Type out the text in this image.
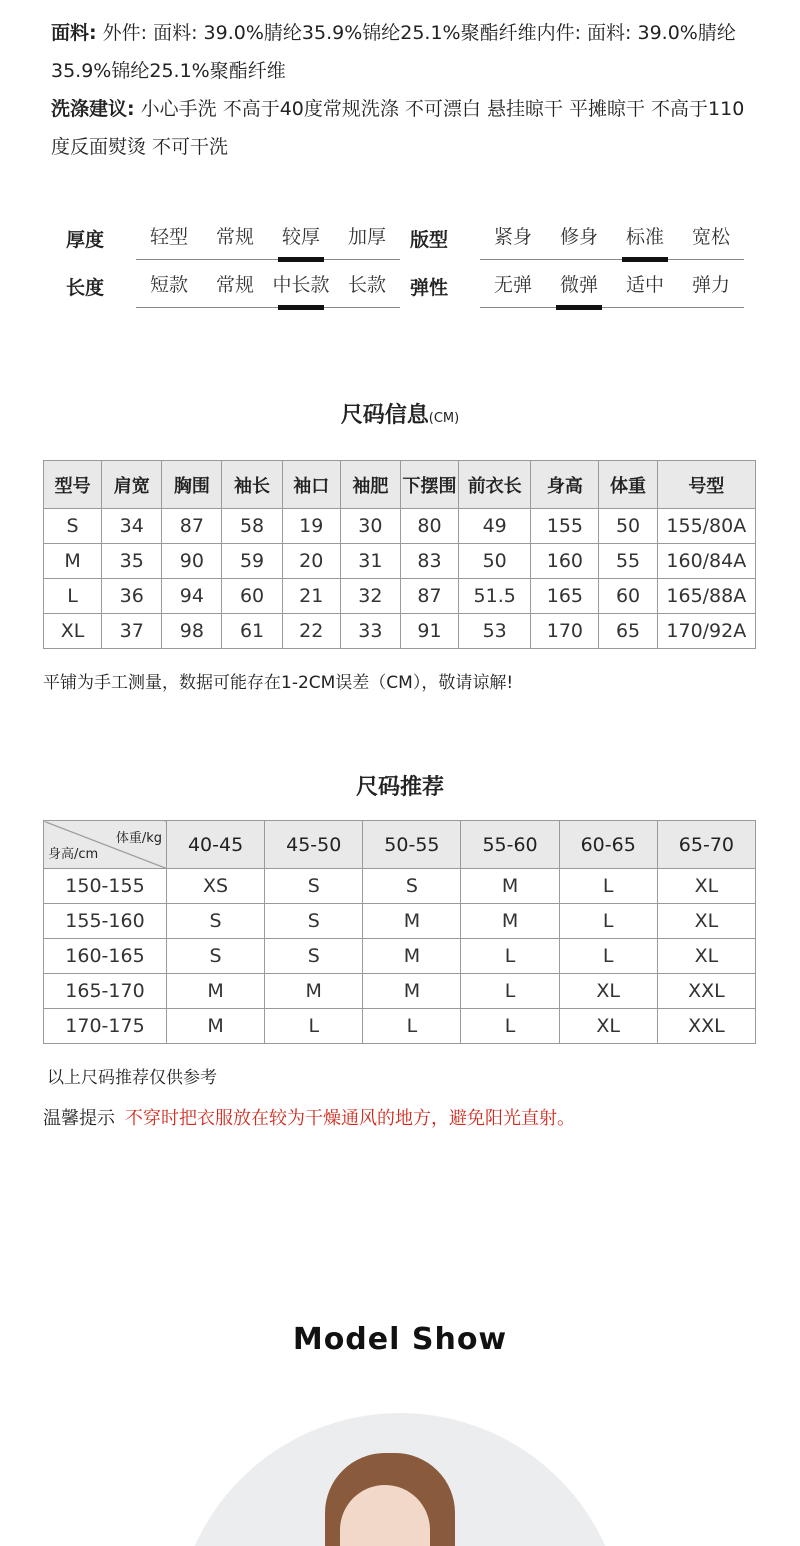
面料: 外件: 面料: 39.0%腈纶35.9%锦纶25.1%聚酯纤维内件: 面料: 39.0%腈纶35.9%锦纶25.1%聚酯纤维
洗涤建议: 小心手洗 不高于40度常规洗涤 不可漂白 悬挂晾干 平摊晾干 不高于110度反面熨烫 不可干洗
厚度	轻型	常规	较厚	加厚	版型	紧身	修身	标准	宽松
长度	短款	常规 中长款 长款	弹性	无弹	微弹	适中	弹力
尺码信息(CM)
型号	肩宽	胸围	袖长	袖口	袖肥	下摆围	前衣长	身高	体重	号型
S	34	87	58	19	30	80	49	155	50	155/80A
M	35	90	59	20	31	83	50	160	55	160/84A
L	36	94	60	21	32	87	51.5	165	60	165/88A
XL	37	98	61	22	33	91	53	170	65	170/92A
平铺为手工测量，数据可能存在1-2CM误差（CM），敬请谅解!
尺码推荐
体重/kg
身高/cm	40-45	45-50	50-55	55-60	60-65	65-70
150-155	XS	S	S	M	L	XL
155-160	S	S	M	M	L	XL
160-165	S	S	M	L	L	XL
165-170	M	M	M	L	XL	XXL
170-175	M	L	L	L	XL	XXL
以上尺码推荐仅供参考
温馨提示 不穿时把衣服放在较为干燥通风的地方，避免阳光直射。
Model Show
